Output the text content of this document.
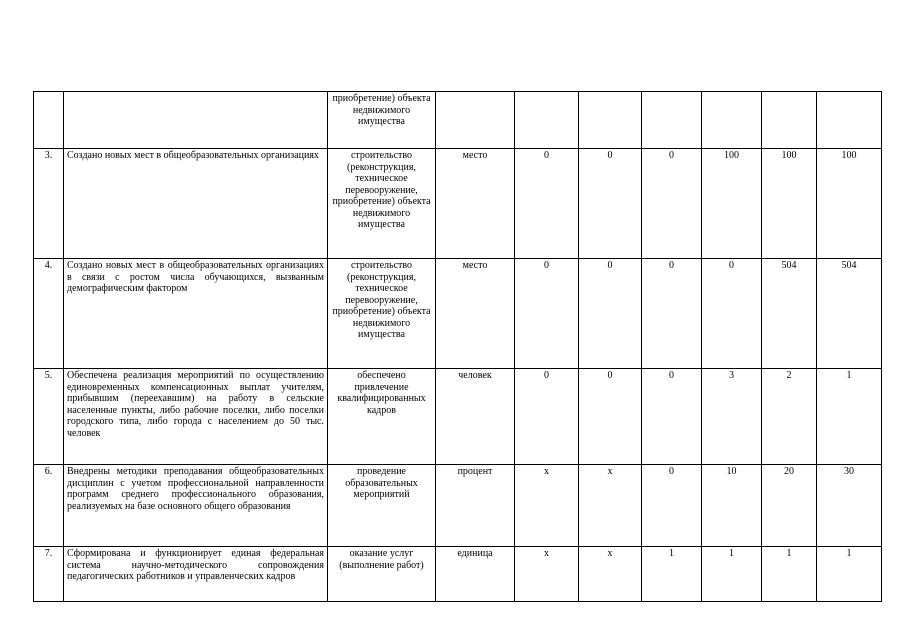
		приобретение) объекта недвижимого имущества							
3.	Создано новых мест в общеобразовательных организациях	строительство (реконструкция, техническое перевооружение, приобретение) объекта недвижимого имущества	место	0	0	0	100	100	100
4.	Создано новых мест в общеобразовательных организациях в связи с ростом числа обучающихся, вызванным демографическим фактором	строительство (реконструкция, техническое перевооружение, приобретение) объекта недвижимого имущества	место	0	0	0	0	504	504
5.	Обеспечена реализация мероприятий по осуществлению единовременных компенсационных выплат учителям, прибывшим (переехавшим) на работу в сельские населенные пункты, либо рабочие поселки, либо поселки городского типа, либо города с населением до 50 тыс. человек	обеспечено привлечение квалифицированных кадров	человек	0	0	0	3	2	1
6.	Внедрены методики преподавания общеобразовательных дисциплин с учетом профессиональной направленности программ среднего профессионального образования, реализуемых на базе основного общего образования	проведение образовательных мероприятий	процент	х	х	0	10	20	30
7.	Сформирована и функционирует единая федеральная система научно-методического сопровождения педагогических работников и управленческих кадров	оказание услуг (выполнение работ)	единица	х	х	1	1	1	1
